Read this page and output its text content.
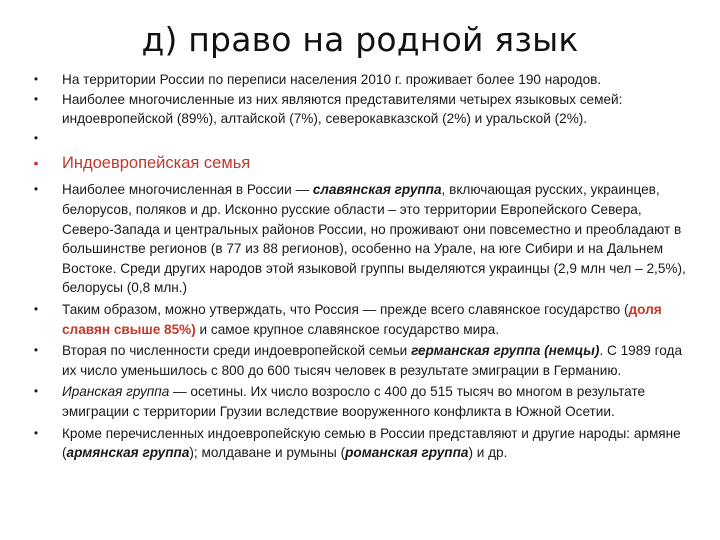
д) право на родной язык
• На территории России по переписи населения 2010 г. проживает более 190 народов.
• Наиболее многочисленные из них являются представителями четырех языковых семей: индоевропейской (89%), алтайской (7%), северокавказской (2%) и уральской (2%).
•
• Индоевропейская семья
• Наиболее многочисленная в России — славянская группа, включающая русских, украинцев, белорусов, поляков и др. Исконно русские области – это территории Европейского Севера, Северо-Запада и центральных районов России, но проживают они повсеместно и преобладают в большинстве регионов (в 77 из 88 регионов), особенно на Урале, на юге Сибири и на Дальнем Востоке. Среди других народов этой языковой группы выделяются украинцы (2,9 млн чел – 2,5%), белорусы (0,8 млн.)
• Таким образом, можно утверждать, что Россия — прежде всего славянское государство (доля славян свыше 85%) и самое крупное славянское государство мира.
• Вторая по численности среди индоевропейской семьи германская группа (немцы). С 1989 года их число уменьшилось с 800 до 600 тысяч человек в результате эмиграции в Германию.
• Иранская группа — осетины. Их число возросло с 400 до 515 тысяч во многом в результате эмиграции с территории Грузии вследствие вооруженного конфликта в Южной Осетии.
• Кроме перечисленных индоевропейскую семью в России представляют и другие народы: армяне (армянская группа); молдаване и румыны (романская группа) и др.
